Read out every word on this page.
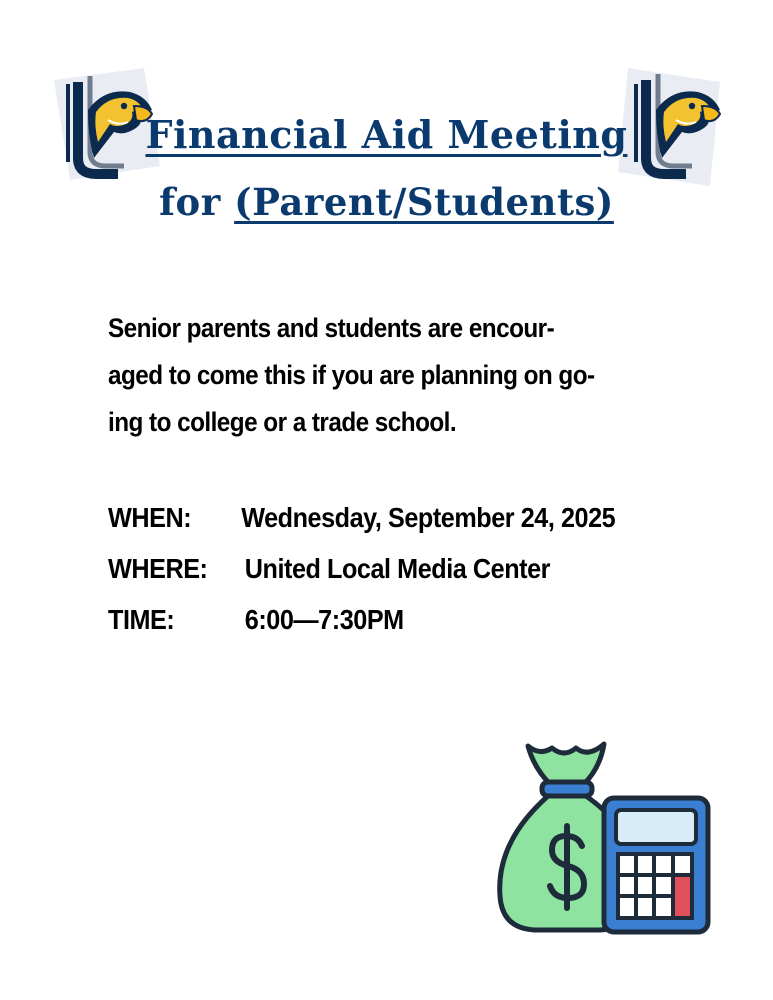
Financial Aid Meeting
for (Parent/Students)
Senior parents and students are encour-
aged to come this if you are planning on go-
ing to college or a trade school.
WHEN: Wednesday, September 24, 2025
WHERE: United Local Media Center
TIME:	6:00—7:30PM
